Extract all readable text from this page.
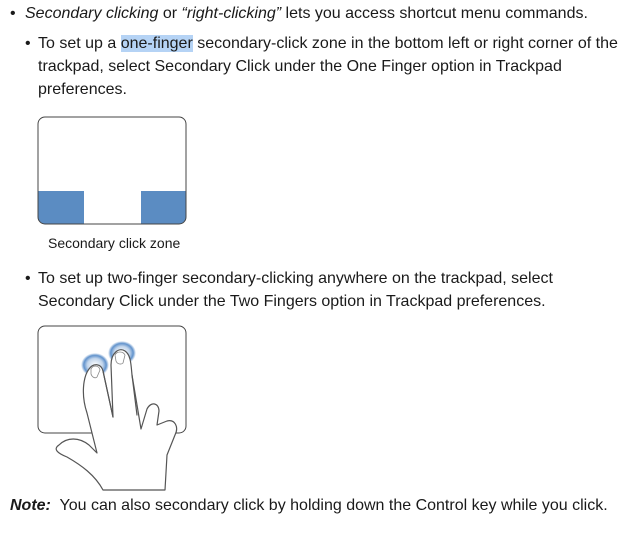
• Secondary clicking or “right-clicking” lets you access shortcut menu commands.
• To set up a one-finger secondary-click zone in the bottom left or right corner of the
trackpad, select Secondary Click under the One Finger option in Trackpad
preferences.
Secondary click zone
• To set up two-finger secondary-clicking anywhere on the trackpad, select
Secondary Click under the Two Fingers option in Trackpad preferences.
Note:  You can also secondary click by holding down the Control key while you click.
